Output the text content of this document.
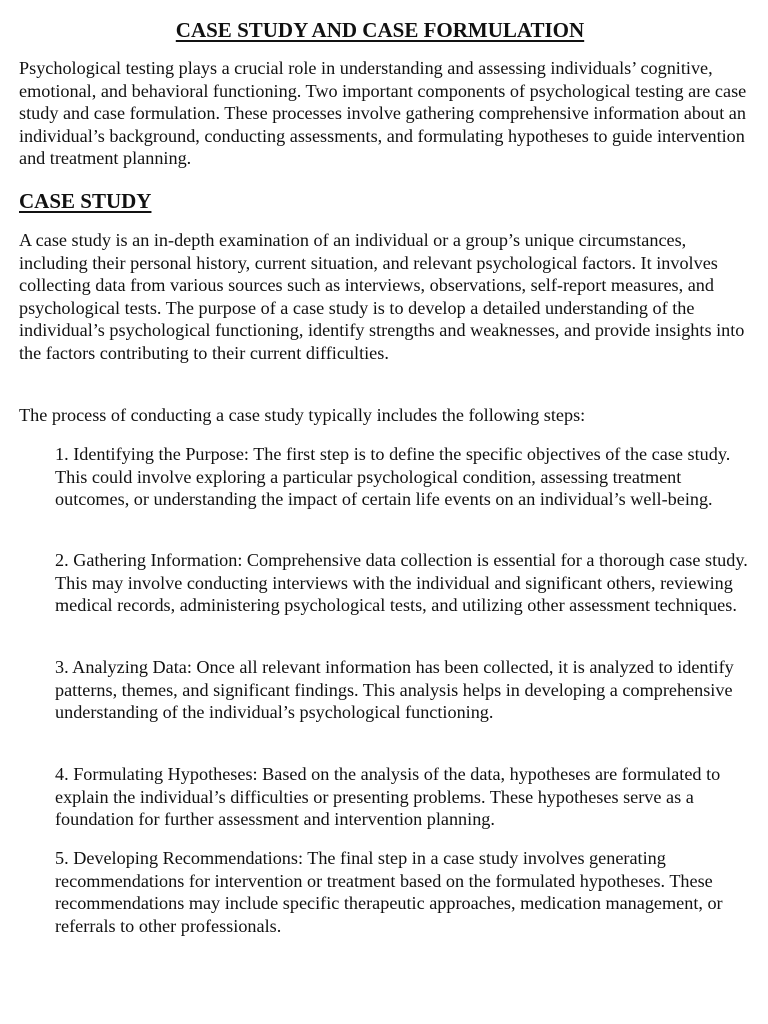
CASE STUDY AND CASE FORMULATION

Psychological testing plays a crucial role in understanding and assessing individuals’ cognitive, emotional, and behavioral functioning. Two important components of psychological testing are case study and case formulation. These processes involve gathering comprehensive information about an individual’s background, conducting assessments, and formulating hypotheses to guide intervention and treatment planning.

CASE STUDY

A case study is an in-depth examination of an individual or a group’s unique circumstances, including their personal history, current situation, and relevant psychological factors. It involves collecting data from various sources such as interviews, observations, self-report measures, and psychological tests. The purpose of a case study is to develop a detailed understanding of the individual’s psychological functioning, identify strengths and weaknesses, and provide insights into the factors contributing to their current difficulties.

The process of conducting a case study typically includes the following steps:

1. Identifying the Purpose: The first step is to define the specific objectives of the case study. This could involve exploring a particular psychological condition, assessing treatment outcomes, or understanding the impact of certain life events on an individual’s well-being.

2. Gathering Information: Comprehensive data collection is essential for a thorough case study. This may involve conducting interviews with the individual and significant others, reviewing medical records, administering psychological tests, and utilizing other assessment techniques.

3. Analyzing Data: Once all relevant information has been collected, it is analyzed to identify patterns, themes, and significant findings. This analysis helps in developing a comprehensive understanding of the individual’s psychological functioning.

4. Formulating Hypotheses: Based on the analysis of the data, hypotheses are formulated to explain the individual’s difficulties or presenting problems. These hypotheses serve as a foundation for further assessment and intervention planning.

5. Developing Recommendations: The final step in a case study involves generating recommendations for intervention or treatment based on the formulated hypotheses. These recommendations may include specific therapeutic approaches, medication management, or referrals to other professionals.
